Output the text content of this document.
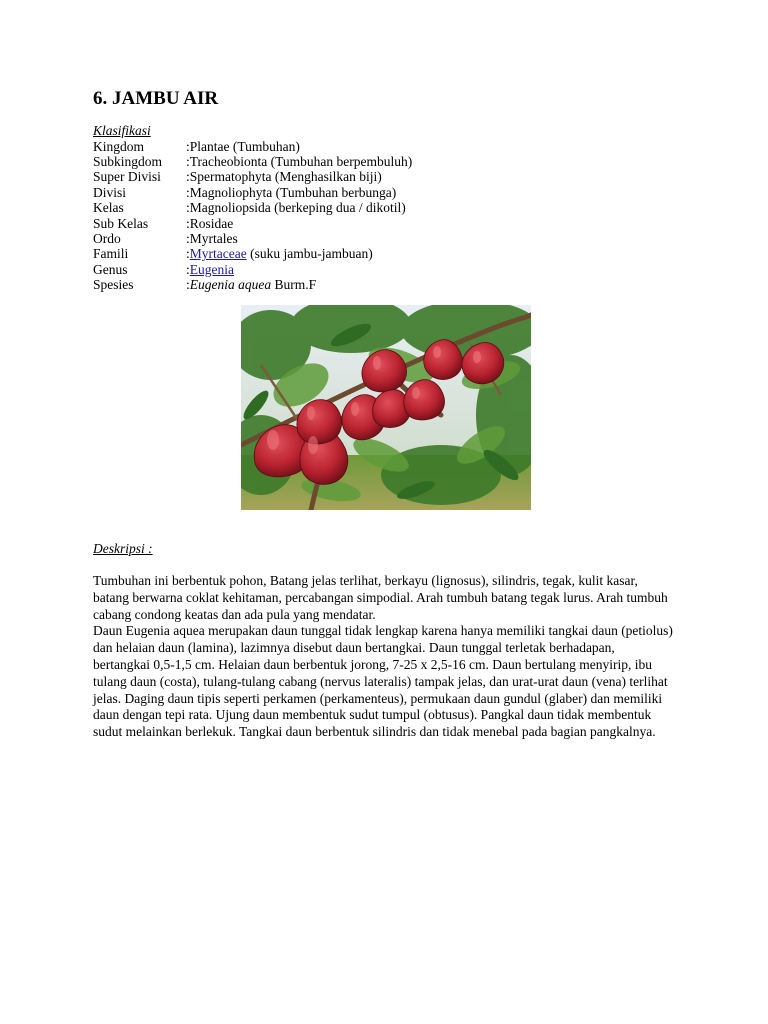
6. JAMBU AIR
Klasifikasi
Kingdom	: Plantae (Tumbuhan)
Subkingdom	: Tracheobionta (Tumbuhan berpembuluh)
Super Divisi	: Spermatophyta (Menghasilkan biji)
Divisi	: Magnoliophyta (Tumbuhan berbunga)
Kelas	: Magnoliopsida (berkeping dua / dikotil)
Sub Kelas	: Rosidae
Ordo	: Myrtales
Famili	: Myrtaceae (suku jambu-jambuan)
Genus	: Eugenia
Spesies	: Eugenia aquea Burm.F
Deskripsi :

Tumbuhan ini berbentuk pohon, Batang jelas terlihat, berkayu (lignosus), silindris, tegak, kulit kasar, batang berwarna coklat kehitaman, percabangan simpodial. Arah tumbuh batang tegak lurus. Arah tumbuh cabang condong keatas dan ada pula yang mendatar.

Daun Eugenia aquea merupakan daun tunggal tidak lengkap karena hanya memiliki tangkai daun (petiolus) dan helaian daun (lamina), lazimnya disebut daun bertangkai. Daun tunggal terletak berhadapan, bertangkai 0,5-1,5 cm. Helaian daun berbentuk jorong, 7-25 x 2,5-16 cm. Daun bertulang menyirip, ibu tulang daun (costa), tulang-tulang cabang (nervus lateralis) tampak jelas, dan urat-urat daun (vena) terlihat jelas. Daging daun tipis seperti perkamen (perkamenteus), permukaan daun gundul (glaber) dan memiliki daun dengan tepi rata. Ujung daun membentuk sudut tumpul (obtusus). Pangkal daun tidak membentuk sudut melainkan berlekuk. Tangkai daun berbentuk silindris dan tidak menebal pada bagian pangkalnya.
